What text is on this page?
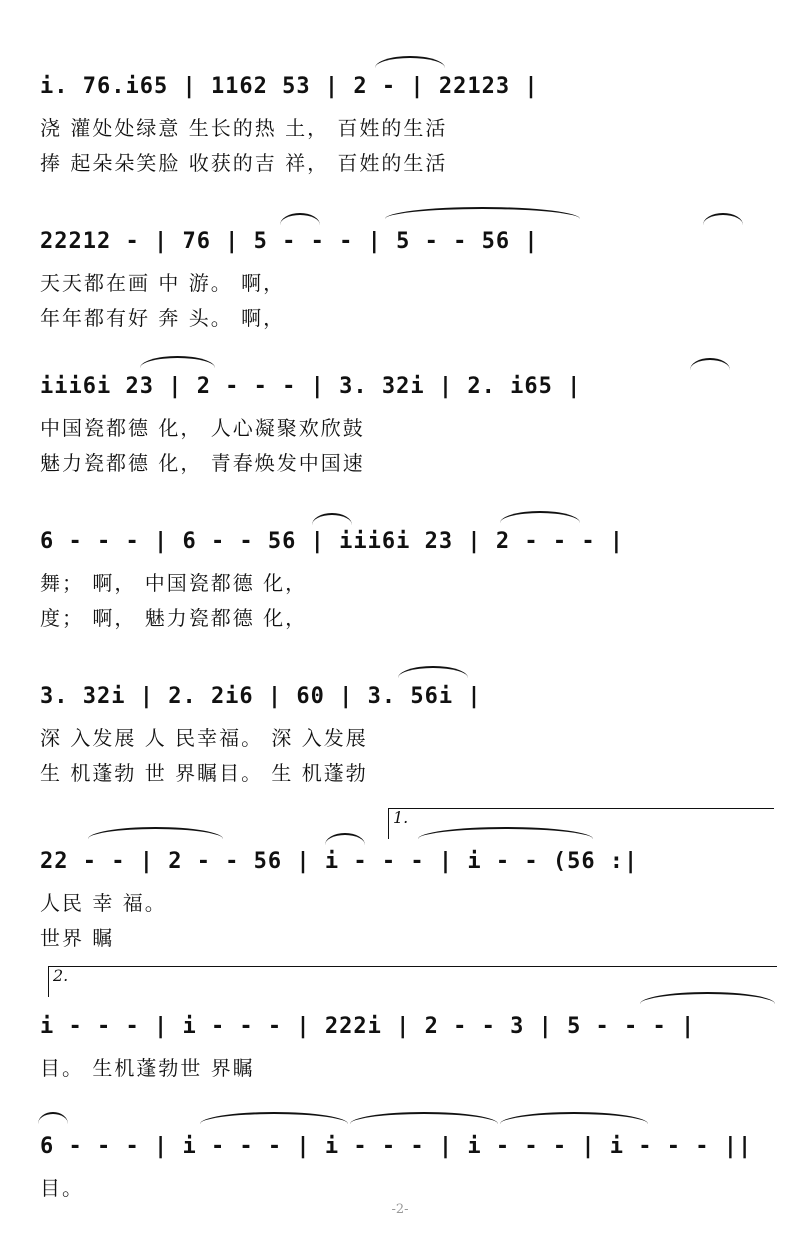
i. 76.i65 | 1162 53 | 2 - | 22123 |
浇 灌处处绿意 生长的热 土， 百姓的生活
捧 起朵朵笑脸 收获的吉 祥， 百姓的生活
22212 - | 76 | 5 - - - | 5 - - 56 |
天天都在画 中 游。 啊，
年年都有好 奔 头。 啊，
iii6i 23 | 2 - - - | 3. 32i | 2. i65 |
中国瓷都德 化， 人心凝聚欢欣鼓
魅力瓷都德 化， 青春焕发中国速
6 - - - | 6 - - 56 | iii6i 23 | 2 - - - |
舞； 啊， 中国瓷都德 化，
度； 啊， 魅力瓷都德 化，
3. 32i | 2. 2i6 | 60 | 3. 56i |
深 入发展 人 民幸福。 深 入发展
生 机蓬勃 世 界瞩目。 生 机蓬勃
1.
22 - - | 2 - - 56 | i - - - | i - - (56 :|
人民 幸 福。
世界 瞩
2.
i - - - | i - - - | 222i | 2 - - 3 | 5 - - - |
目。 生机蓬勃世 界瞩
6 - - - | i - - - | i - - - | i - - - | i - - - ||
目。
-2-
